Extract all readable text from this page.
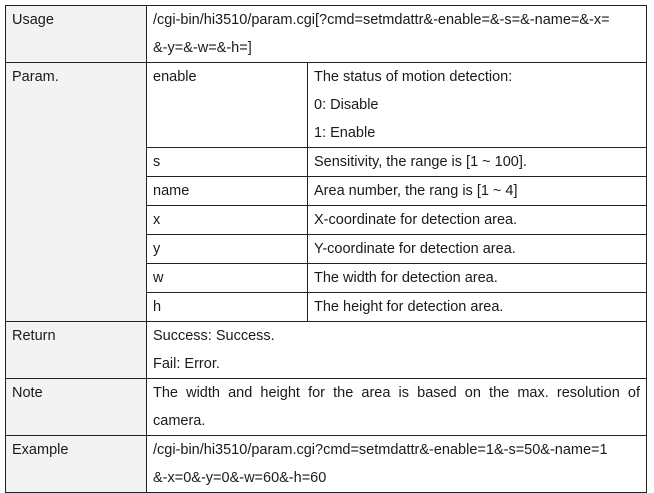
Usage	/cgi-bin/hi3510/param.cgi[?cmd=setmdattr&-enable=&-s=&-name=&-x=
&-y=&-w=&-h=]	

Param.	enable	The status of motion detection:
0: Disable
1: Enable

	s	Sensitivity, the range is [1 ~ 100].
	name	Area number, the rang is [1 ~ 4]
	x	X-coordinate for detection area.
	y	Y-coordinate for detection area.
	w	The width for detection area.
	h	The height for detection area.
Return	Success: Success.
Fail: Error.	

Note	The width and height for the area is based on the max. resolution of
camera.	

Example	/cgi-bin/hi3510/param.cgi?cmd=setmdattr&-enable=1&-s=50&-name=1
&-x=0&-y=0&-w=60&-h=60	
